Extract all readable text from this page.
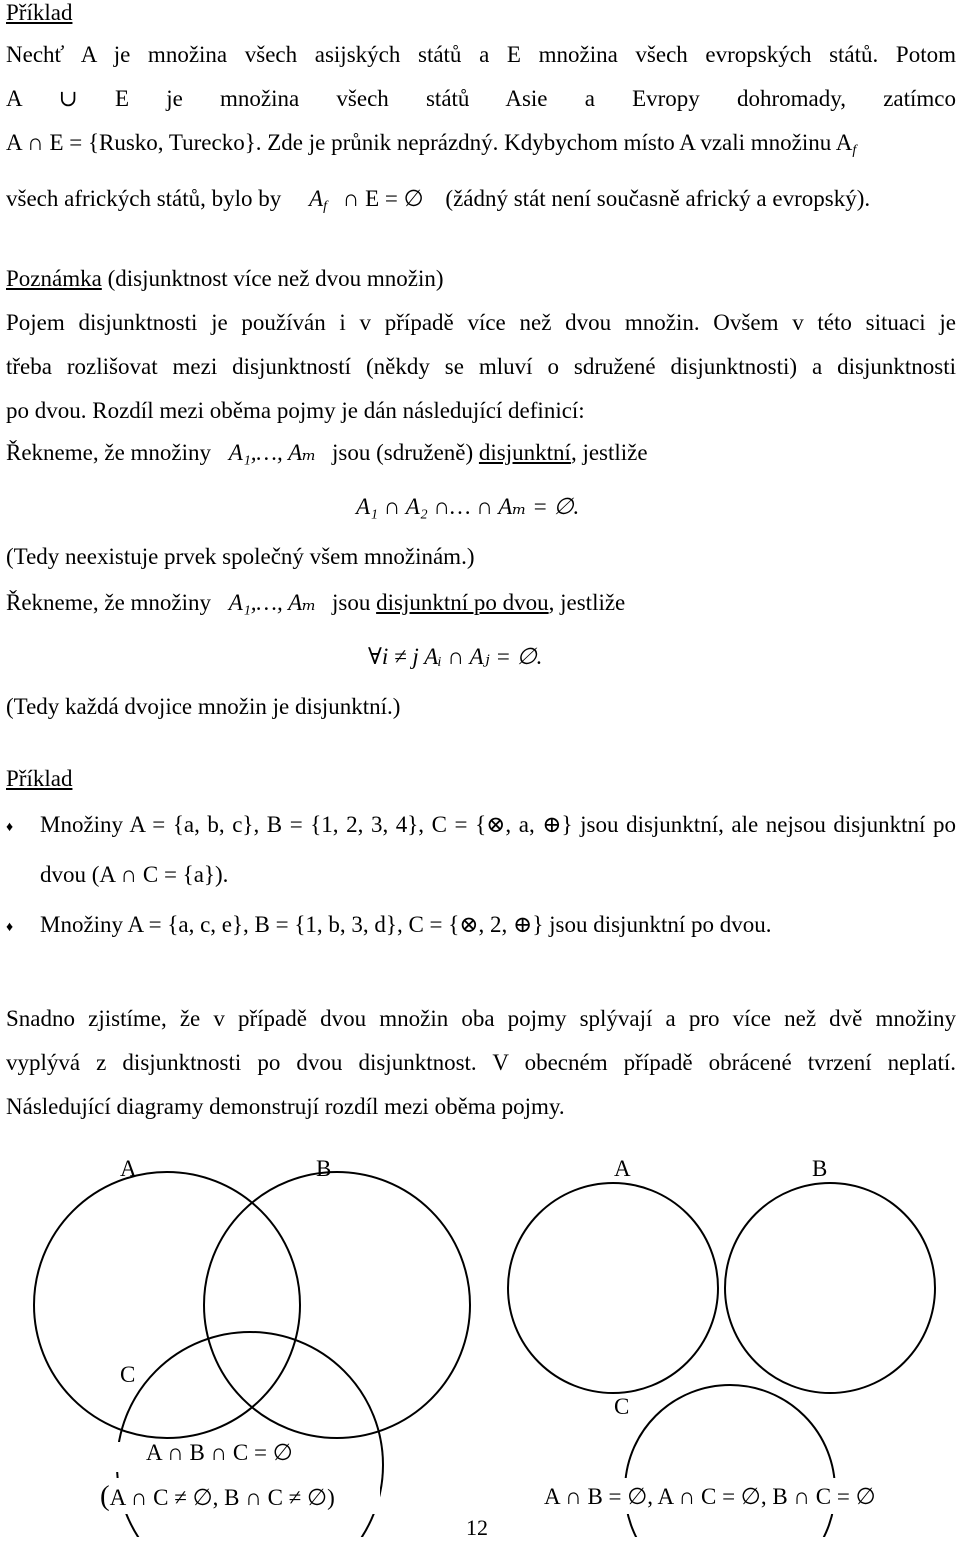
Příklad
Nechť A je množina všech asijských států a E množina všech evropských států. Potom
A ∪ E je množina všech států Asie a Evropy dohromady, zatímco
A ∩ E = {Rusko, Turecko}. Zde je průnik neprázdný. Kdybychom místo A vzali množinu $A_f$
všech afrických států, bylo by $A_f$ ∩ E = ∅ (žádný stát není současně africký a evropský).
Poznámka (disjunktnost více než dvou množin)
Pojem disjunktnosti je používán i v případě více než dvou množin. Ovšem v této situaci je
třeba rozlišovat mezi disjunktností (někdy se mluví o sdružené disjunktnosti) a disjunktnosti
po dvou. Rozdíl mezi oběma pojmy je dán následující definicí:
Řekneme, že množiny A₁,…, Aₘ jsou (sdruženě) disjunktní, jestliže
A₁ ∩ A₂ ∩… ∩ Aₘ = ∅.
(Tedy neexistuje prvek společný všem množinám.)
Řekneme, že množiny A₁,…, Aₘ jsou disjunktní po dvou, jestliže
∀i ≠ j Aᵢ ∩ Aⱼ = ∅.
(Tedy každá dvojice množin je disjunktní.)
Příklad
♦ Množiny A = {a, b, c}, B = {1, 2, 3, 4}, C = {⊗, a, ⊕} jsou disjunktní, ale nejsou disjunktní po
dvou (A ∩ C = {a}).
♦ Množiny A = {a, c, e}, B = {1, b, 3, d}, C = {⊗, 2, ⊕} jsou disjunktní po dvou.
Snadno zjistíme, že v případě dvou množin oba pojmy splývají a pro více než dvě množiny
vyplývá z disjunktnosti po dvou disjunktnost. V obecném případě obrácené tvrzení neplatí.
Následující diagramy demonstrují rozdíl mezi oběma pojmy.
A	B
C
A ∩ B ∩ C = ∅
(A ∩ C ≠ ∅, B ∩ C ≠ ∅)
A	B
C
A ∩ B = ∅, A ∩ C = ∅, B ∩ C = ∅
12
